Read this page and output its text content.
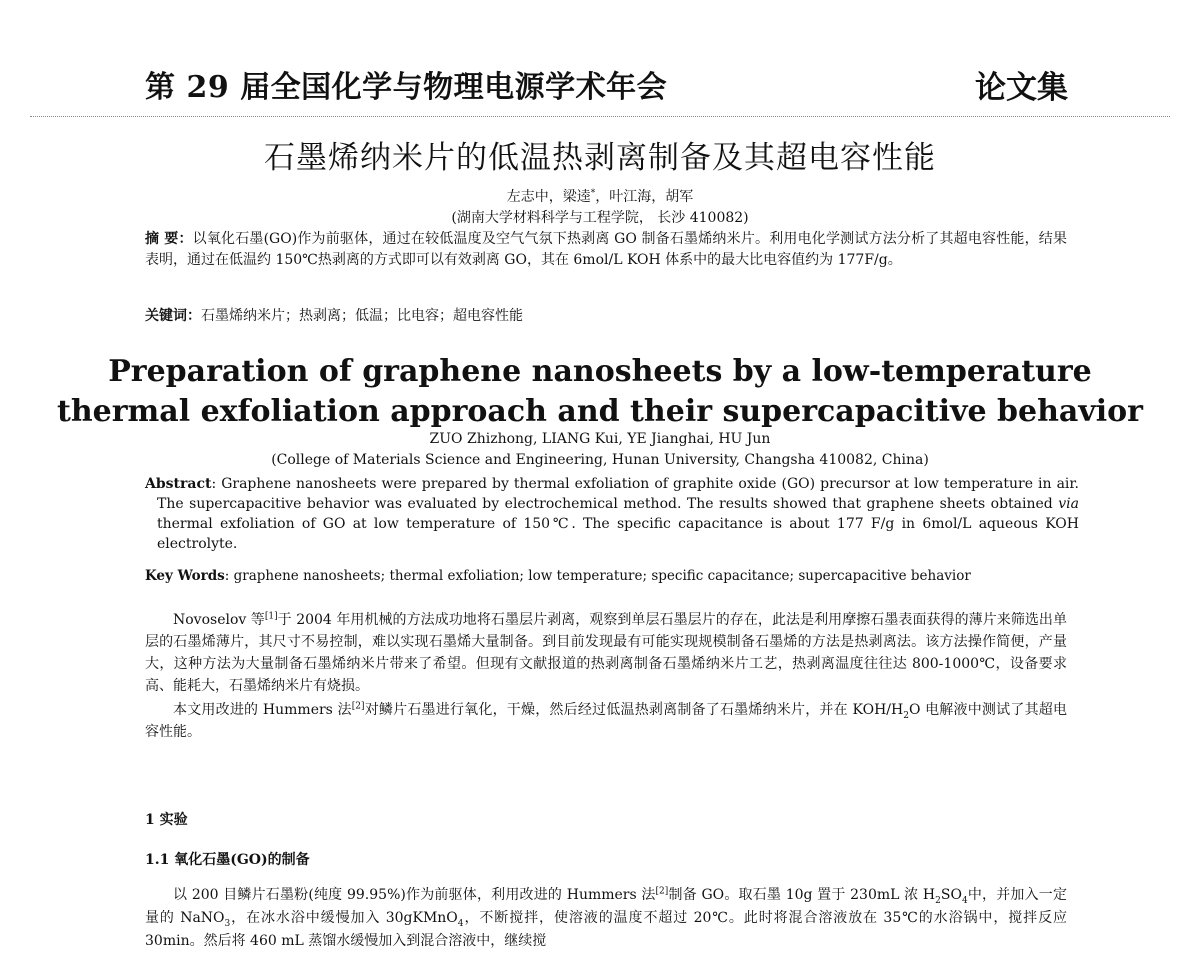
第 29 届全国化学与物理电源学术年会	论文集
石墨烯纳米片的低温热剥离制备及其超电容性能
左志中，梁逵*，叶江海，胡军
(湖南大学材料科学与工程学院， 长沙 410082)
摘 要：以氧化石墨(GO)作为前驱体，通过在较低温度及空气气氛下热剥离 GO 制备石墨烯纳米片。利用电化学测试方法分析了其超电容性能，结果表明，通过在低温约 150℃热剥离的方式即可以有效剥离 GO，其在 6mol/L KOH 体系中的最大比电容值约为 177F/g。
关键词：石墨烯纳米片；热剥离；低温；比电容；超电容性能
Preparation of graphene nanosheets by a low-temperature
thermal exfoliation approach and their supercapacitive behavior
ZUO Zhizhong, LIANG Kui, YE Jianghai, HU Jun
(College of Materials Science and Engineering, Hunan University, Changsha 410082, China)
Abstract: Graphene nanosheets were prepared by thermal exfoliation of graphite oxide (GO) precursor at low temperature in air. The supercapacitive behavior was evaluated by electrochemical method. The results showed that graphene sheets obtained via thermal exfoliation of GO at low temperature of 150℃. The specific capacitance is about 177 F/g in 6mol/L aqueous KOH electrolyte.
Key Words: graphene nanosheets; thermal exfoliation; low temperature; specific capacitance; supercapacitive behavior
Novoselov 等[1]于 2004 年用机械的方法成功地将石墨层片剥离，观察到单层石墨层片的存在，此法是利用摩擦石墨表面获得的薄片来筛选出单层的石墨烯薄片，其尺寸不易控制，难以实现石墨烯大量制备。到目前发现最有可能实现规模制备石墨烯的方法是热剥离法。该方法操作简便，产量大，这种方法为大量制备石墨烯纳米片带来了希望。但现有文献报道的热剥离制备石墨烯纳米片工艺，热剥离温度往往达 800-1000℃，设备要求高、能耗大，石墨烯纳米片有烧损。
本文用改进的 Hummers 法[2]对鳞片石墨进行氧化，干燥，然后经过低温热剥离制备了石墨烯纳米片，并在 KOH/$H_2O$ 电解液中测试了其超电容性能。
1 实验
1.1 氧化石墨(GO)的制备
以 200 目鳞片石墨粉(纯度 99.95%)作为前驱体，利用改进的 Hummers 法[2]制备 GO。取石墨 10g 置于 230mL 浓 $H_2SO_4$中，并加入一定量的 NaNO$_3$，在冰水浴中缓慢加入 30gKMnO$_4$，不断搅拌，使溶液的温度不超过 20℃。此时将混合溶液放在 35℃的水浴锅中，搅拌反应 30min。然后将 460 mL 蒸馏水缓慢加入到混合溶液中，继续搅
